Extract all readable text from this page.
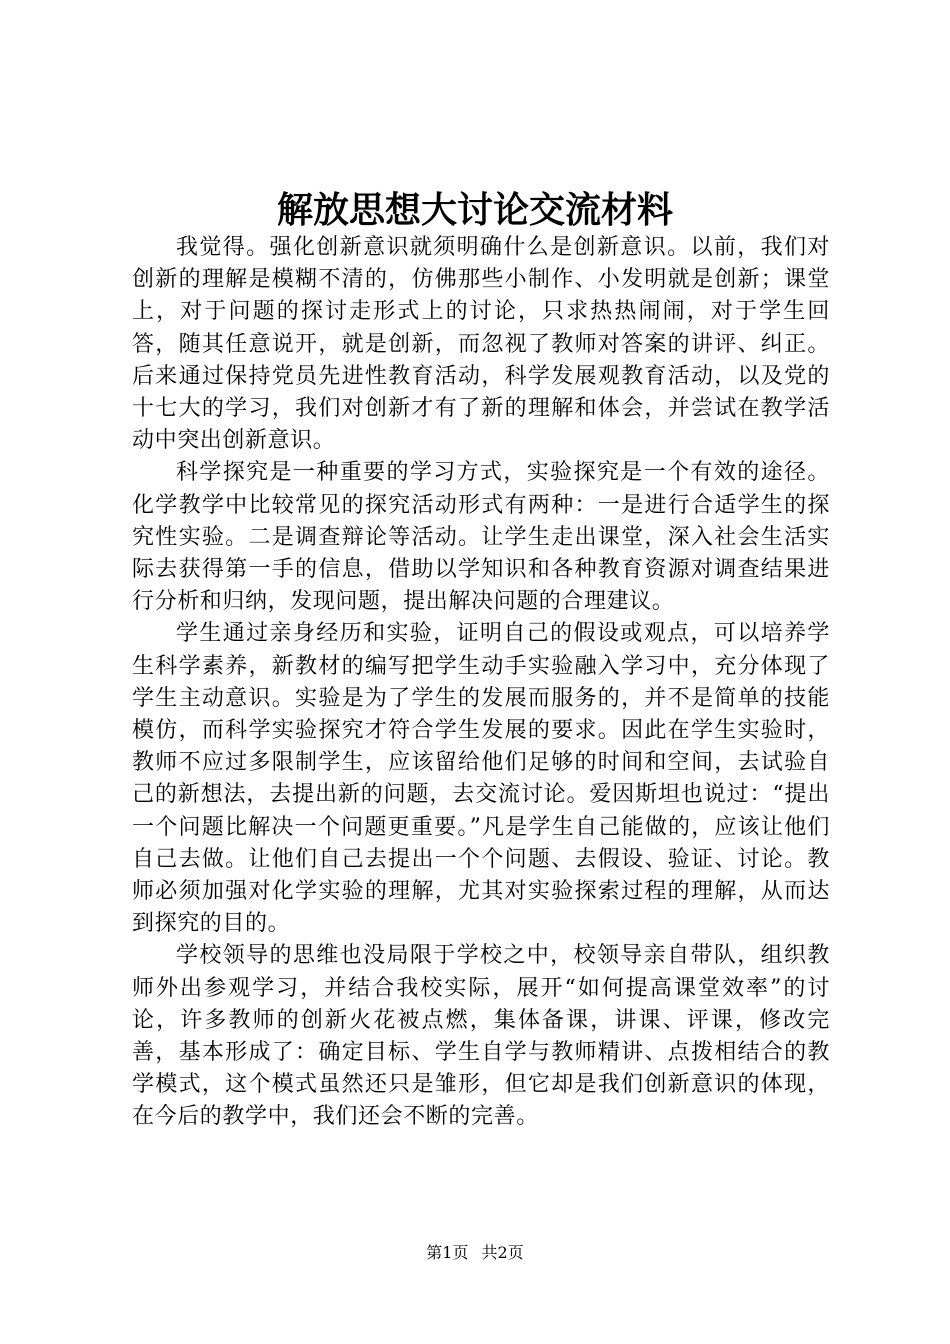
解放思想大讨论交流材料

我觉得。强化创新意识就须明确什么是创新意识。以前，我们对创新的理解是模糊不清的，仿佛那些小制作、小发明就是创新；课堂上，对于问题的探讨走形式上的讨论，只求热热闹闹，对于学生回答，随其任意说开，就是创新，而忽视了教师对答案的讲评、纠正。后来通过保持党员先进性教育活动，科学发展观教育活动，以及党的十七大的学习，我们对创新才有了新的理解和体会，并尝试在教学活动中突出创新意识。

科学探究是一种重要的学习方式，实验探究是一个有效的途径。化学教学中比较常见的探究活动形式有两种：一是进行合适学生的探究性实验。二是调查辩论等活动。让学生走出课堂，深入社会生活实际去获得第一手的信息，借助以学知识和各种教育资源对调查结果进行分析和归纳，发现问题，提出解决问题的合理建议。

学生通过亲身经历和实验，证明自己的假设或观点，可以培养学生科学素养，新教材的编写把学生动手实验融入学习中，充分体现了学生主动意识。实验是为了学生的发展而服务的，并不是简单的技能模仿，而科学实验探究才符合学生发展的要求。因此在学生实验时，教师不应过多限制学生，应该留给他们足够的时间和空间，去试验自己的新想法，去提出新的问题，去交流讨论。爱因斯坦也说过：“提出一个问题比解决一个问题更重要。”凡是学生自己能做的，应该让他们自己去做。让他们自己去提出一个个问题、去假设、验证、讨论。教师必须加强对化学实验的理解，尤其对实验探索过程的理解，从而达到探究的目的。

学校领导的思维也没局限于学校之中，校领导亲自带队，组织教师外出参观学习，并结合我校实际，展开“如何提高课堂效率”的讨论，许多教师的创新火花被点燃，集体备课，讲课、评课，修改完善，基本形成了：确定目标、学生自学与教师精讲、点拨相结合的教学模式，这个模式虽然还只是雏形，但它却是我们创新意识的体现，在今后的教学中，我们还会不断的完善。

第1页 共2页
